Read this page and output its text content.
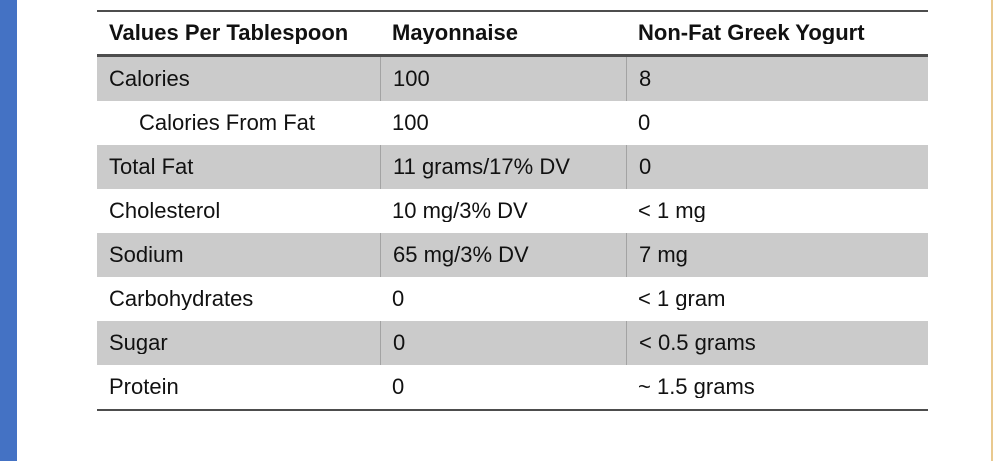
Values Per Tablespoon	Mayonnaise	Non-Fat Greek Yogurt
Calories	100	8
Calories From Fat	100	0
Total Fat	11 grams/17% DV	0
Cholesterol	10 mg/3% DV	< 1 mg
Sodium	65 mg/3% DV	7 mg
Carbohydrates	0	< 1 gram
Sugar	0	< 0.5 grams
Protein	0	~ 1.5 grams
